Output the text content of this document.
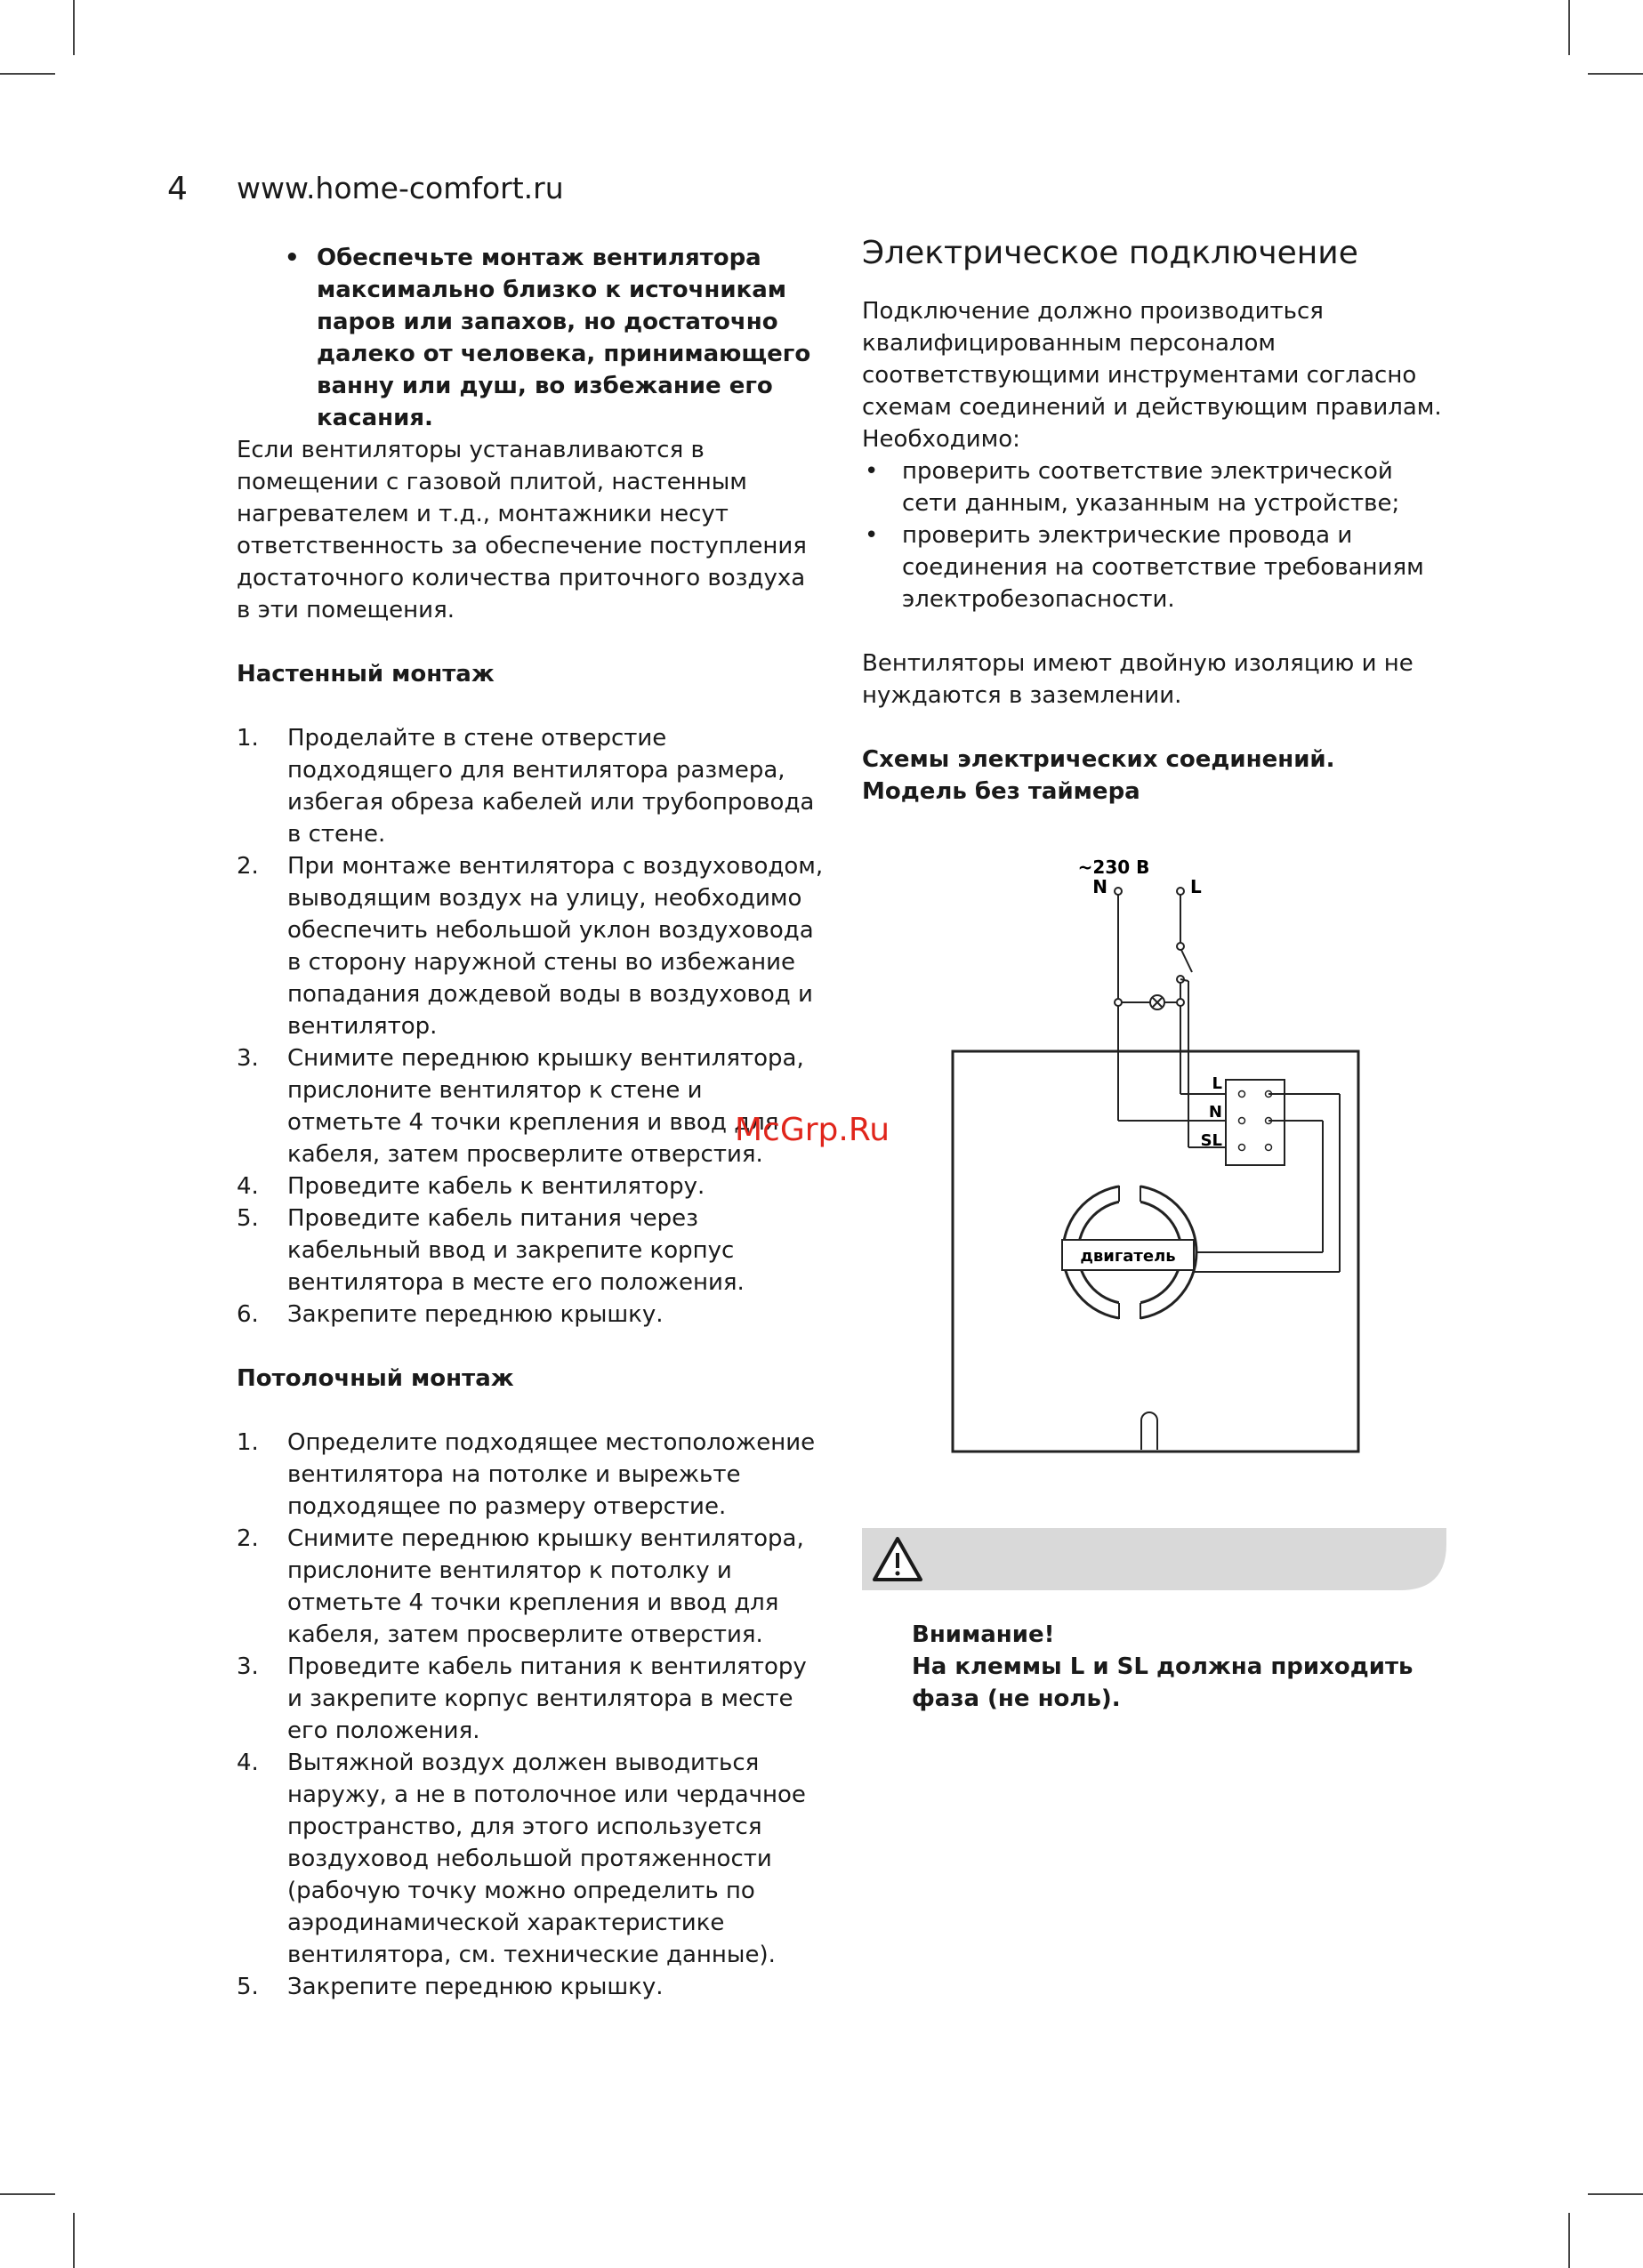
4 www.home-comfort.ru
• Обеспечьте монтаж вентилятора максимально близко к источникам паров или запахов, но достаточно далеко от человека, принимающего ванну или душ, во избежание его касания.

Если вентиляторы устанавливаются в помещении с газовой плитой, настенным нагревателем и т.д., монтажники несут ответственность за обеспечение поступления достаточного количества приточного воздуха в эти помещения.

Настенный монтаж

1. Проделайте в стене отверстие подходящего для вентилятора размера, избегая обреза кабелей или трубопровода в стене.
2. При монтаже вентилятора с воздуховодом, выводящим воздух на улицу, необходимо обеспечить небольшой уклон воздуховода в сторону наружной стены во избежание попадания дождевой воды в воздуховод и вентилятор.
3. Снимите переднюю крышку вентилятора, прислоните вентилятор к стене и отметьте 4 точки крепления и ввод для кабеля, затем просверлите отверстия.
4. Проведите кабель к вентилятору.
5. Проведите кабель питания через кабельный ввод и закрепите корпус вентилятора в месте его положения.
6. Закрепите переднюю крышку.

Потолочный монтаж

1. Определите подходящее местоположение вентилятора на потолке и вырежьте подходящее по размеру отверстие.
2. Снимите переднюю крышку вентилятора, прислоните вентилятор к потолку и отметьте 4 точки крепления и ввод для кабеля, затем просверлите отверстия.
3. Проведите кабель питания к вентилятору и закрепите корпус вентилятора в месте его положения.
4. Вытяжной воздух должен выводиться наружу, а не в потолочное или чердачное пространство, для этого используется воздуховод небольшой протяженности (рабочую точку можно определить по аэродинамической характеристике вентилятора, см. технические данные).
5. Закрепите переднюю крышку.

Электрическое подключение

Подключение должно производиться квалифицированным персоналом соответствующими инструментами согласно схемам соединений и действующим правилам.

Необходимо:

• проверить соответствие электрической сети данным, указанным на устройстве;
• проверить электрические провода и соединения на соответствие требованиям электробезопасности.

Вентиляторы имеют двойную изоляцию и не нуждаются в заземлении.

Схемы электрических соединений.

Модель без таймера

~230 В
N	L
L
N
SL
двигатель

Внимание!

На клеммы L и SL должна приходить фаза (не ноль).

McGrp.Ru
